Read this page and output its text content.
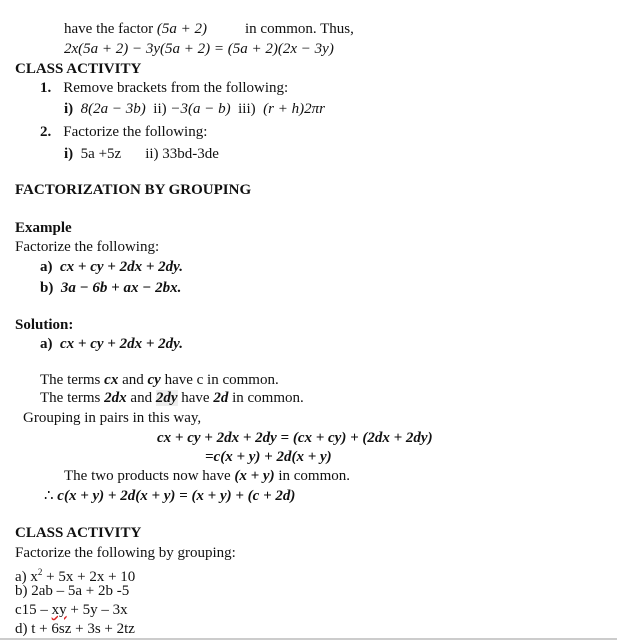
have the factor (5a + 2)	in common. Thus,
2x(5a + 2) − 3y(5a + 2) = (5a + 2)(2x − 3y)
CLASS ACTIVITY
1. Remove brackets from the following:
i) 8(2a − 3b) ii) −3(a − b) iii) (r + h)2πr
2. Factorize the following:
i) 5a +5z ii) 33bd-3de
FACTORIZATION BY GROUPING
Example
Factorize the following:
a) cx + cy + 2dx + 2dy.
b) 3a − 6b + ax − 2bx.
Solution:
a) cx + cy + 2dx + 2dy.
The terms cx and cy have c in common.
The terms 2dx and 2dy have 2d in common.
Grouping in pairs in this way,
cx + cy + 2dx + 2dy = (cx + cy) + (2dx + 2dy)
=c(x + y) + 2d(x + y)
The two products now have (x + y) in common.
∴ c(x + y) + 2d(x + y) = (x + y) + (c + 2d)
CLASS ACTIVITY
Factorize the following by grouping:
a) $x^2 + 5x + 2x + 10$
b) 2ab – 5a + 2b -5
c15 – xy + 5y – 3x
d) t + 6sz + 3s + 2tz
